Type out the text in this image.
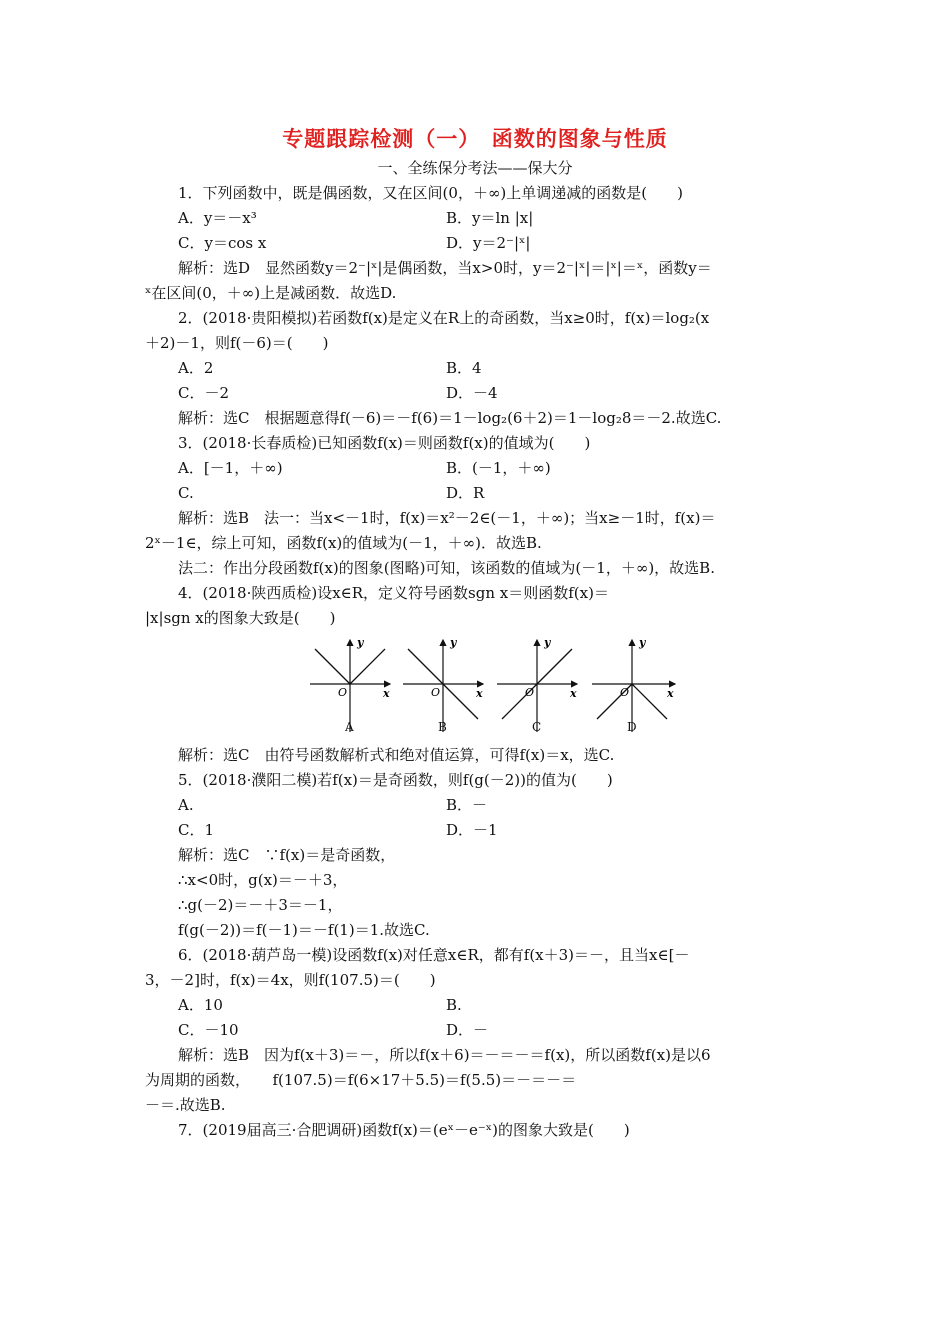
专题跟踪检测（一）　函数的图象与性质
一、全练保分考法——保大分
1．下列函数中，既是偶函数，又在区间(0，＋∞)上单调递减的函数是(　　)
A．y＝－x³	B．y＝ln |x|
C．y＝cos x	D．y＝2⁻|ˣ|
解析：选D　显然函数y＝2⁻|ˣ|是偶函数，当x>0时，y＝2⁻|ˣ|＝|ˣ|＝ˣ，函数y＝
ˣ在区间(0，＋∞)上是减函数．故选D.
2．(2018·贵阳模拟)若函数f(x)是定义在R上的奇函数，当x≥0时，f(x)＝log₂(x
＋2)－1，则f(－6)＝(　　)
A．2	B．4
C．－2	D．－4
解析：选C　根据题意得f(－6)＝－f(6)＝1－log₂(6＋2)＝1－log₂8＝－2.故选C.
3．(2018·长春质检)已知函数f(x)＝则函数f(x)的值域为(　　)
A．[－1，＋∞)	B．(－1，＋∞)
C.	D．R
解析：选B　法一：当x<－1时，f(x)＝x²－2∈(－1，＋∞)；当x≥－1时，f(x)＝
2ˣ－1∈，综上可知，函数f(x)的值域为(－1，＋∞)．故选B.
法二：作出分段函数f(x)的图象(图略)可知，该函数的值域为(－1，＋∞)，故选B.
4．(2018·陕西质检)设x∈R，定义符号函数sgn x＝则函数f(x)＝
|x|sgn x的图象大致是(　　)
y
x
O
y
x
O
y
x
O
y
x
O
A	B	C	D
解析：选C　由符号函数解析式和绝对值运算，可得f(x)＝x，选C.
5．(2018·濮阳二模)若f(x)＝是奇函数，则f(g(－2))的值为(　　)
A.	B．－
C．1	D．－1
解析：选C　∵f(x)＝是奇函数，
∴x<0时，g(x)＝－＋3，
∴g(－2)＝－＋3＝－1，
f(g(－2))＝f(－1)＝－f(1)＝1.故选C.
6．(2018·葫芦岛一模)设函数f(x)对任意x∈R，都有f(x＋3)＝－，且当x∈[－
3，－2]时，f(x)＝4x，则f(107.5)＝(　　)
A．10	B.
C．－10	D．－
解析：选B　因为f(x＋3)＝－，所以f(x＋6)＝－＝－＝f(x)，所以函数f(x)是以6
为周期的函数，　　f(107.5)＝f(6×17＋5.5)＝f(5.5)＝－＝－＝
－＝.故选B.
7．(2019届高三·合肥调研)函数f(x)＝(eˣ－e⁻ˣ)的图象大致是(　　)
